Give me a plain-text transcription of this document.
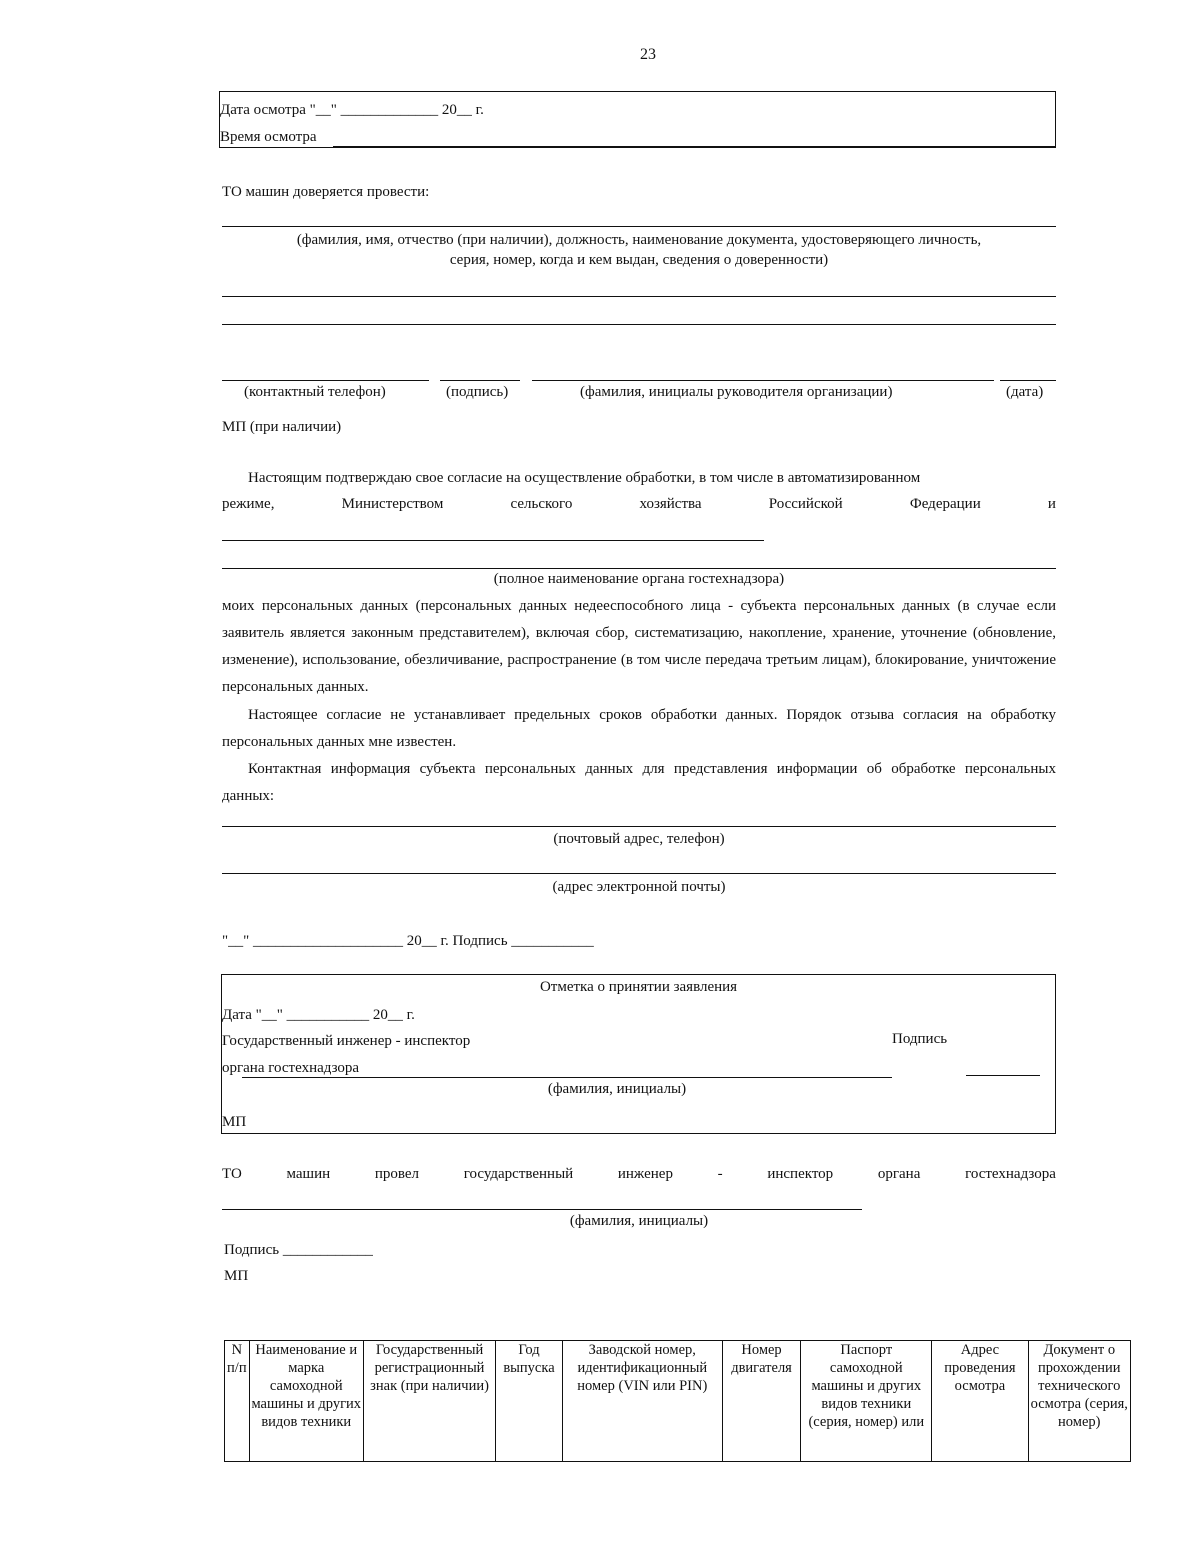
23
Дата осмотра "__" _____________ 20__ г.
Время осмотра
ТО машин доверяется провести:
(фамилия, имя, отчество (при наличии), должность, наименование документа, удостоверяющего личность,
серия, номер, когда и кем выдан, сведения о доверенности)
(контактный телефон)	(подпись)	(фамилия, инициалы руководителя организации)	(дата)
МП (при наличии)
Настоящим подтверждаю свое согласие на осуществление обработки, в том числе в автоматизированном
режиме,	Министерством	сельского	хозяйства	Российской	Федерации	и
(полное наименование органа гостехнадзора)
моих персональных данных (персональных данных недееспособного лица - субъекта персональных данных (в случае если заявитель является законным представителем), включая сбор, систематизацию, накопление, хранение, уточнение (обновление, изменение), использование, обезличивание, распространение (в том числе передача третьим лицам), блокирование, уничтожение персональных данных.
Настоящее согласие не устанавливает предельных сроков обработки данных. Порядок отзыва согласия на обработку персональных данных мне известен.
Контактная информация субъекта персональных данных для представления информации об обработке персональных данных:
(почтовый адрес, телефон)
(адрес электронной почты)
"__" ____________________ 20__ г. Подпись ___________
Отметка о принятии заявления
Дата "__" ___________ 20__ г.
Государственный инженер - инспектор	Подпись
органа гостехнадзора
(фамилия, инициалы)
МП
ТО	машин	провел	государственный	инженер	-	инспектор	органа	гостехнадзора
(фамилия, инициалы)
Подпись ____________
МП
N п/п	Наименование и марка самоходной машины и других видов техники	Государственный регистрационный знак (при наличии)	Год выпуска	Заводской номер, идентификационный номер (VIN или PIN)	Номер двигателя	Паспорт самоходной машины и других видов техники (серия, номер) или	Адрес проведения осмотра	Документ о прохождении технического осмотра (серия, номер)
